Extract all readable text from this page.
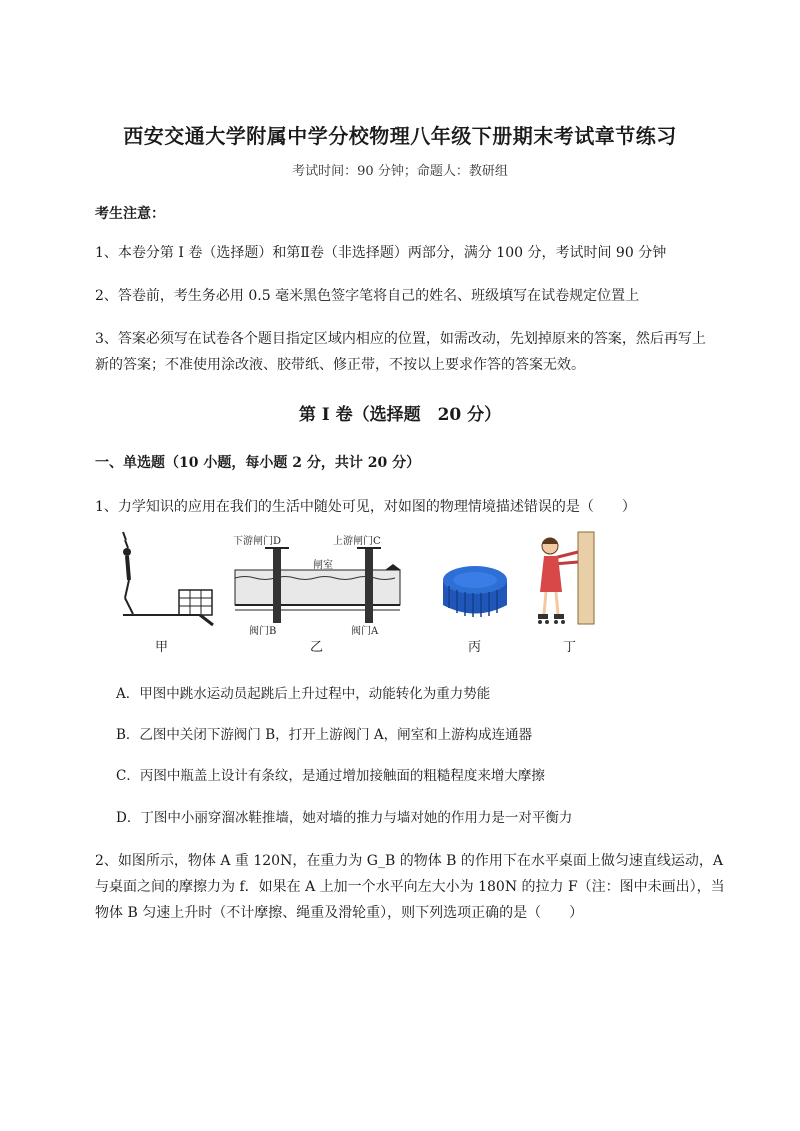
西安交通大学附属中学分校物理八年级下册期末考试章节练习
考试时间：90 分钟；命题人：教研组
考生注意：
1、本卷分第 I 卷（选择题）和第Ⅱ卷（非选择题）两部分，满分 100 分，考试时间 90 分钟
2、答卷前，考生务必用 0.5 毫米黑色签字笔将自己的姓名、班级填写在试卷规定位置上
3、答案必须写在试卷各个题目指定区域内相应的位置，如需改动，先划掉原来的答案，然后再写上新的答案；不准使用涂改液、胶带纸、修正带，不按以上要求作答的答案无效。
第 I 卷（选择题　20 分）
一、单选题（10 小题，每小题 2 分，共计 20 分）
1、力学知识的应用在我们的生活中随处可见，对如图的物理情境描述错误的是（　　）
甲
下游闸门D	上游闸门C
闸室
阀门B	阀门A
乙	丙	丁
A．甲图中跳水运动员起跳后上升过程中，动能转化为重力势能
B．乙图中关闭下游阀门 B，打开上游阀门 A，闸室和上游构成连通器
C．丙图中瓶盖上设计有条纹，是通过增加接触面的粗糙程度来增大摩擦
D．丁图中小丽穿溜冰鞋推墙，她对墙的推力与墙对她的作用力是一对平衡力
2、如图所示，物体 A 重 120N，在重力为 G_B 的物体 B 的作用下在水平桌面上做匀速直线运动，A 与桌面之间的摩擦力为 f．如果在 A 上加一个水平向左大小为 180N 的拉力 F（注：图中未画出），当物体 B 匀速上升时（不计摩擦、绳重及滑轮重），则下列选项正确的是（　　）
